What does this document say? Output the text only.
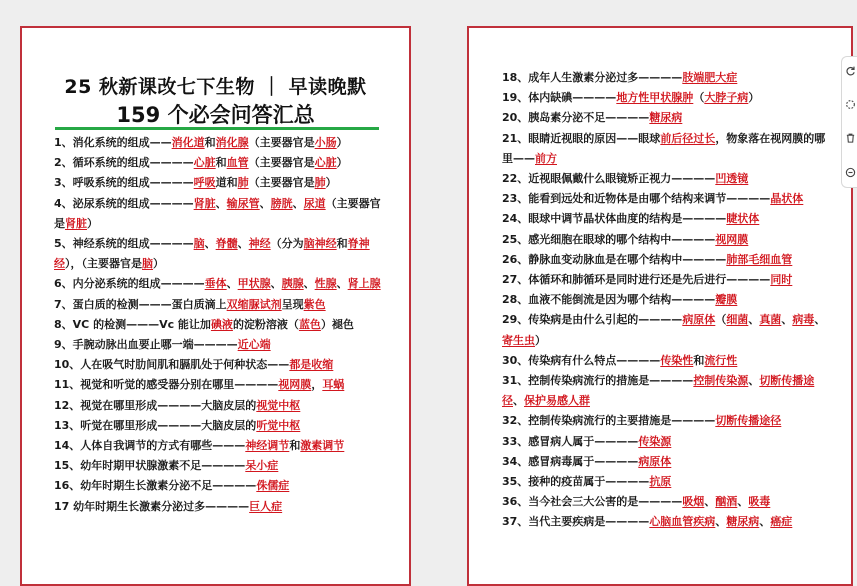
25 秋新课改七下生物 ｜ 早读晚默
159 个必会问答汇总
1、消化系统的组成——消化道和消化腺（主要器官是小肠）
2、循环系统的组成————心脏和血管（主要器官是心脏）
3、呼吸系统的组成————呼吸道和肺（主要器官是肺）
4、泌尿系统的组成————肾脏、输尿管、膀胱、尿道（主要器官是肾脏）
5、神经系统的组成————脑、脊髓、神经（分为脑神经和脊神经），（主要器官是脑）
6、内分泌系统的组成————垂体、甲状腺、胰腺、性腺、肾上腺
7、蛋白质的检测———蛋白质滴上双缩脲试剂呈现紫色
8、VC 的检测———Vc 能让加碘液的淀粉溶液（蓝色）褪色
9、手腕动脉出血要止哪一端————近心端
10、人在吸气时肋间肌和膈肌处于何种状态——都是收缩
11、视觉和听觉的感受器分别在哪里————视网膜，耳蜗
12、视觉在哪里形成————大脑皮层的视觉中枢
13、听觉在哪里形成————大脑皮层的听觉中枢
14、人体自我调节的方式有哪些———神经调节和激素调节
15、幼年时期甲状腺激素不足————呆小症
16、幼年时期生长激素分泌不足————侏儒症
17 幼年时期生长激素分泌过多————巨人症
18、成年人生激素分泌过多————肢端肥大症
19、体内缺碘————地方性甲状腺肿（大脖子病）
20、胰岛素分泌不足————糖尿病
21、眼睛近视眼的原因——眼球前后径过长，物象落在视网膜的哪里——前方
22、近视眼佩戴什么眼镜矫正视力————凹透镜
23、能看到远处和近物体是由哪个结构来调节————晶状体
24、眼球中调节晶状体曲度的结构是————睫状体
25、感光细胞在眼球的哪个结构中————视网膜
26、静脉血变动脉血是在哪个结构中————肺部毛细血管
27、体循环和肺循环是同时进行还是先后进行————同时
28、血液不能倒流是因为哪个结构————瓣膜
29、传染病是由什么引起的————病原体（细菌、真菌、病毒、寄生虫）
30、传染病有什么特点————传染性和流行性
31、控制传染病流行的措施是————控制传染源、切断传播途径、保护易感人群
32、控制传染病流行的主要措施是————切断传播途径
33、感冒病人属于————传染源
34、感冒病毒属于————病原体
35、接种的疫苗属于————抗原
36、当今社会三大公害的是————吸烟、酗酒、吸毒
37、当代主要疾病是————心脑血管疾病、糖尿病、癌症
